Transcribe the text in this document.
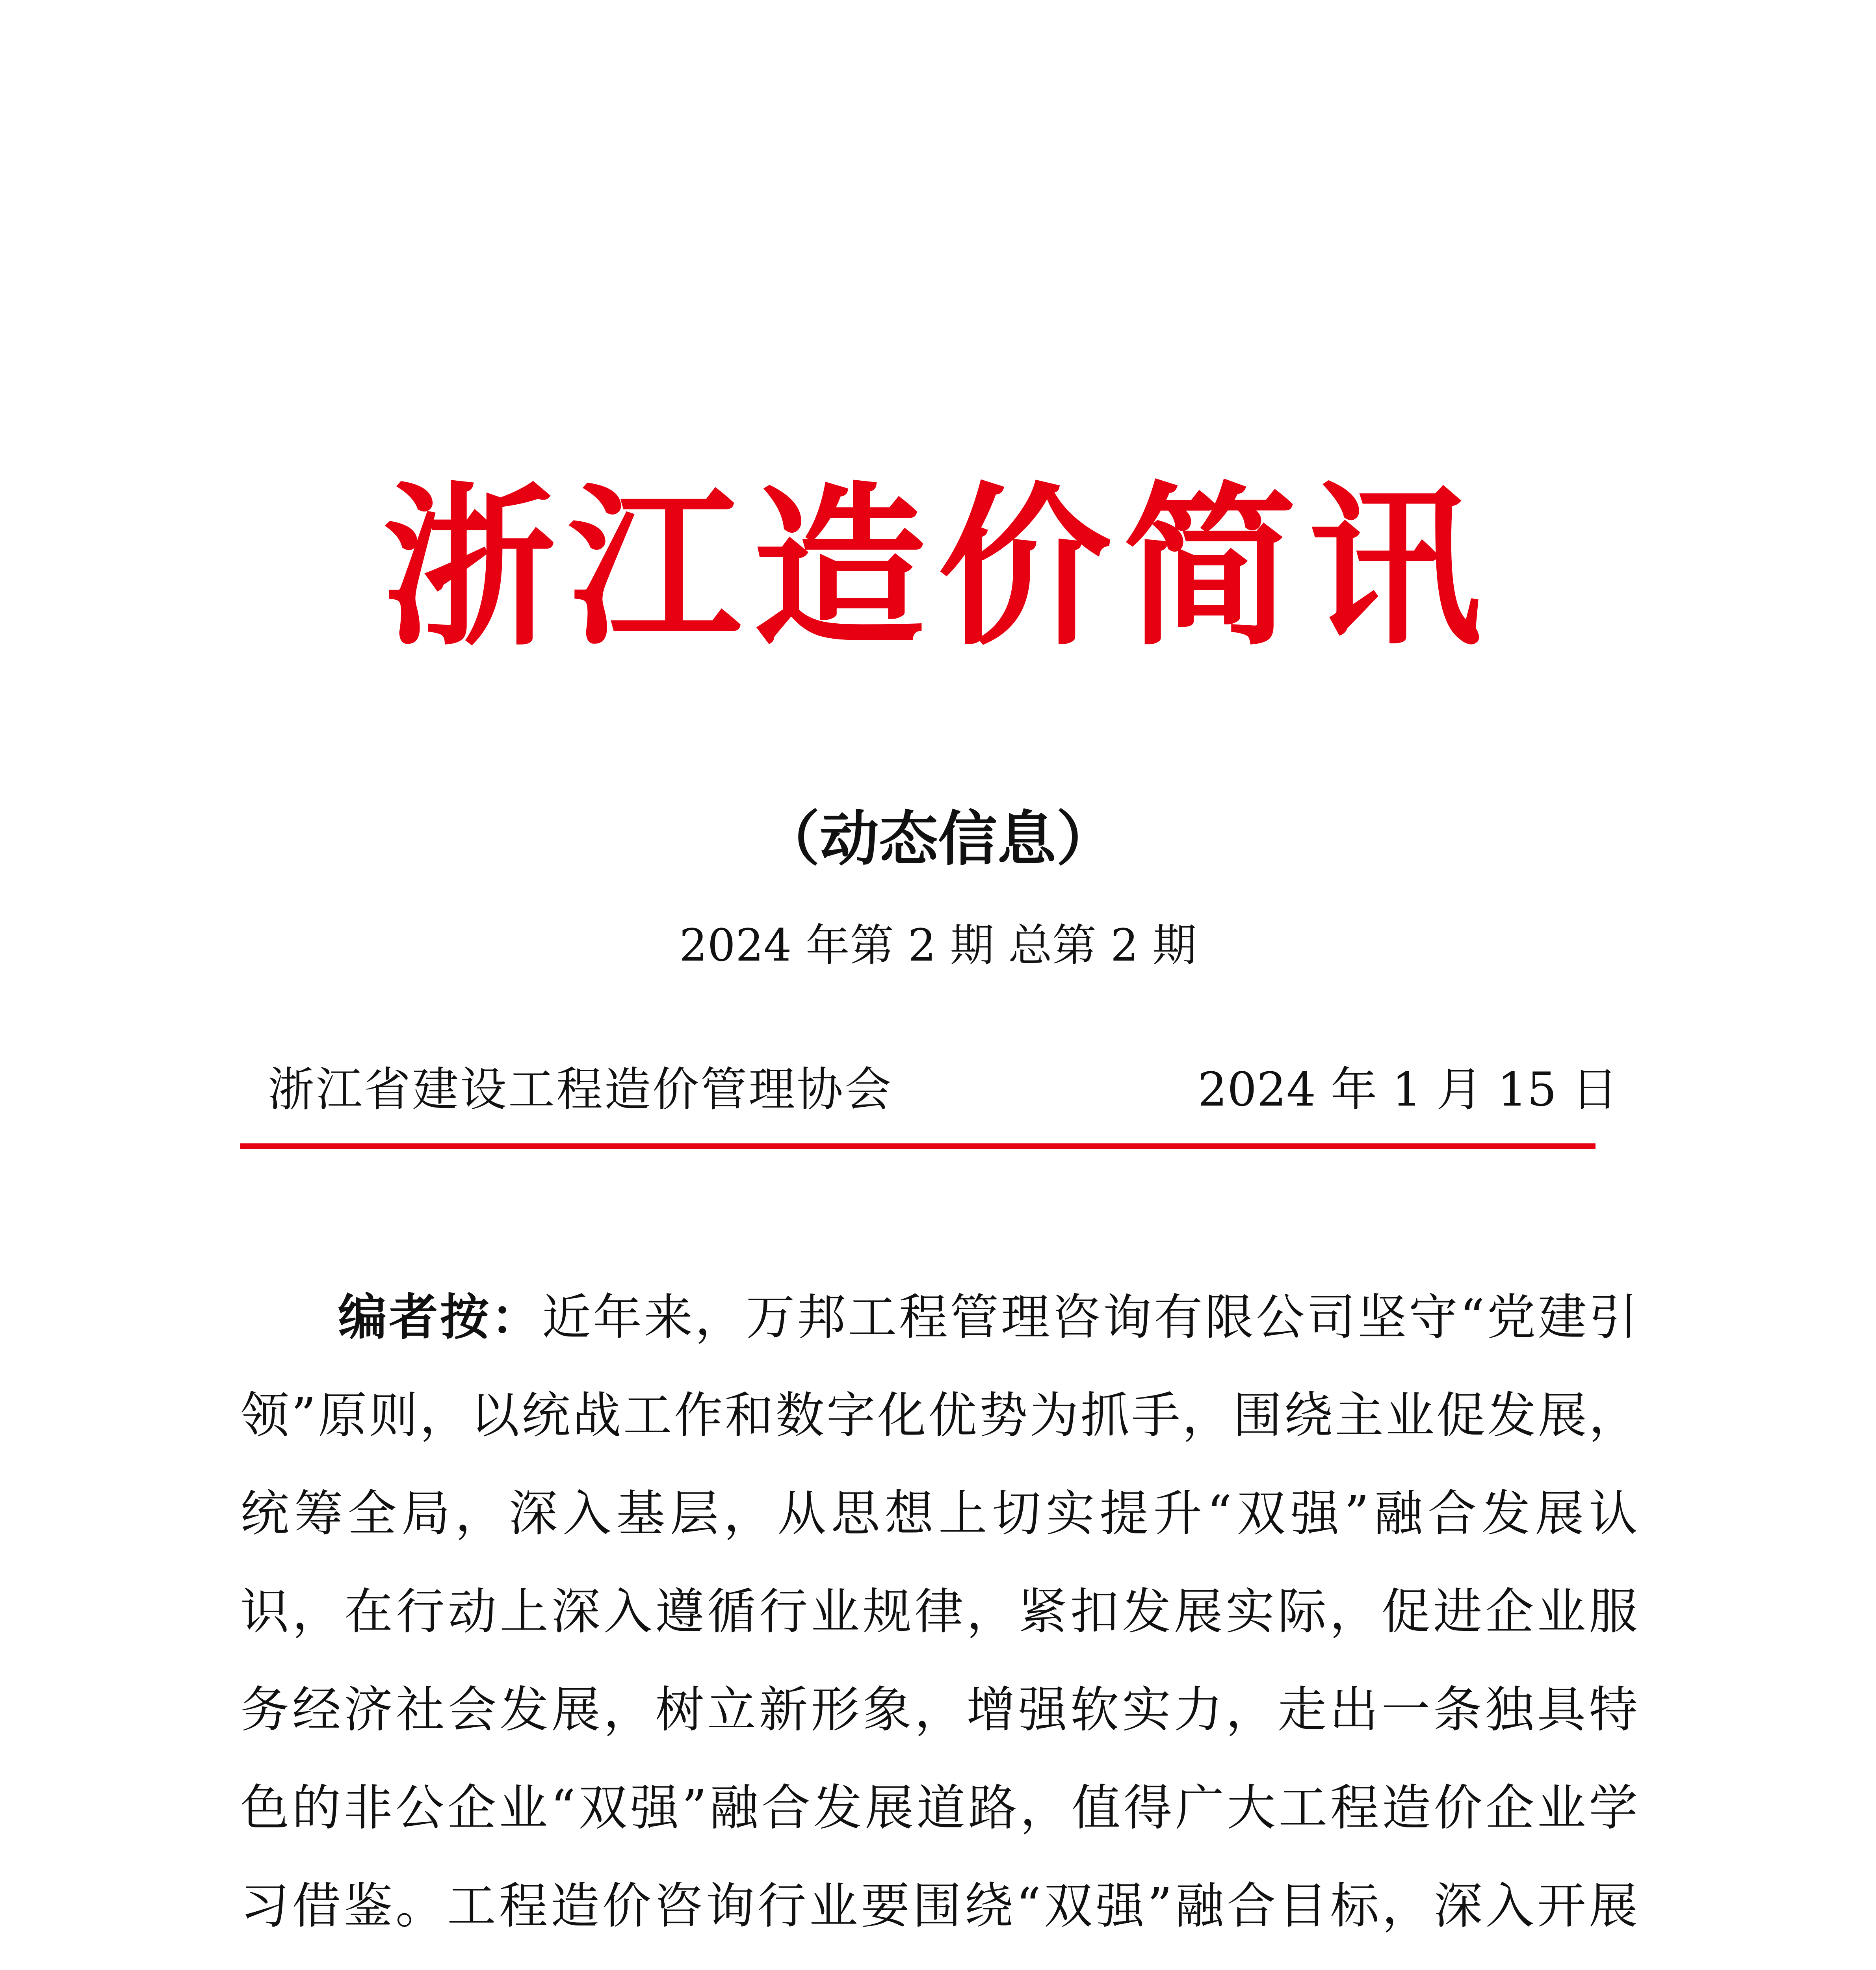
浙江造价简讯
（动态信息）
2024 年第 2 期 总第 2 期
浙江省建设工程造价管理协会	2024 年 1 月 15 日
编者按：近年来，万邦工程管理咨询有限公司坚守“党建引领”原则，以统战工作和数字化优势为抓手，围绕主业促发展，统筹全局，深入基层，从思想上切实提升“双强”融合发展认识，在行动上深入遵循行业规律，紧扣发展实际，促进企业服务经济社会发展，树立新形象，增强软实力，走出一条独具特色的非公企业“双强”融合发展道路，值得广大工程造价企业学习借鉴。工程造价咨询行业要围绕“双强”融合目标，深入开展
